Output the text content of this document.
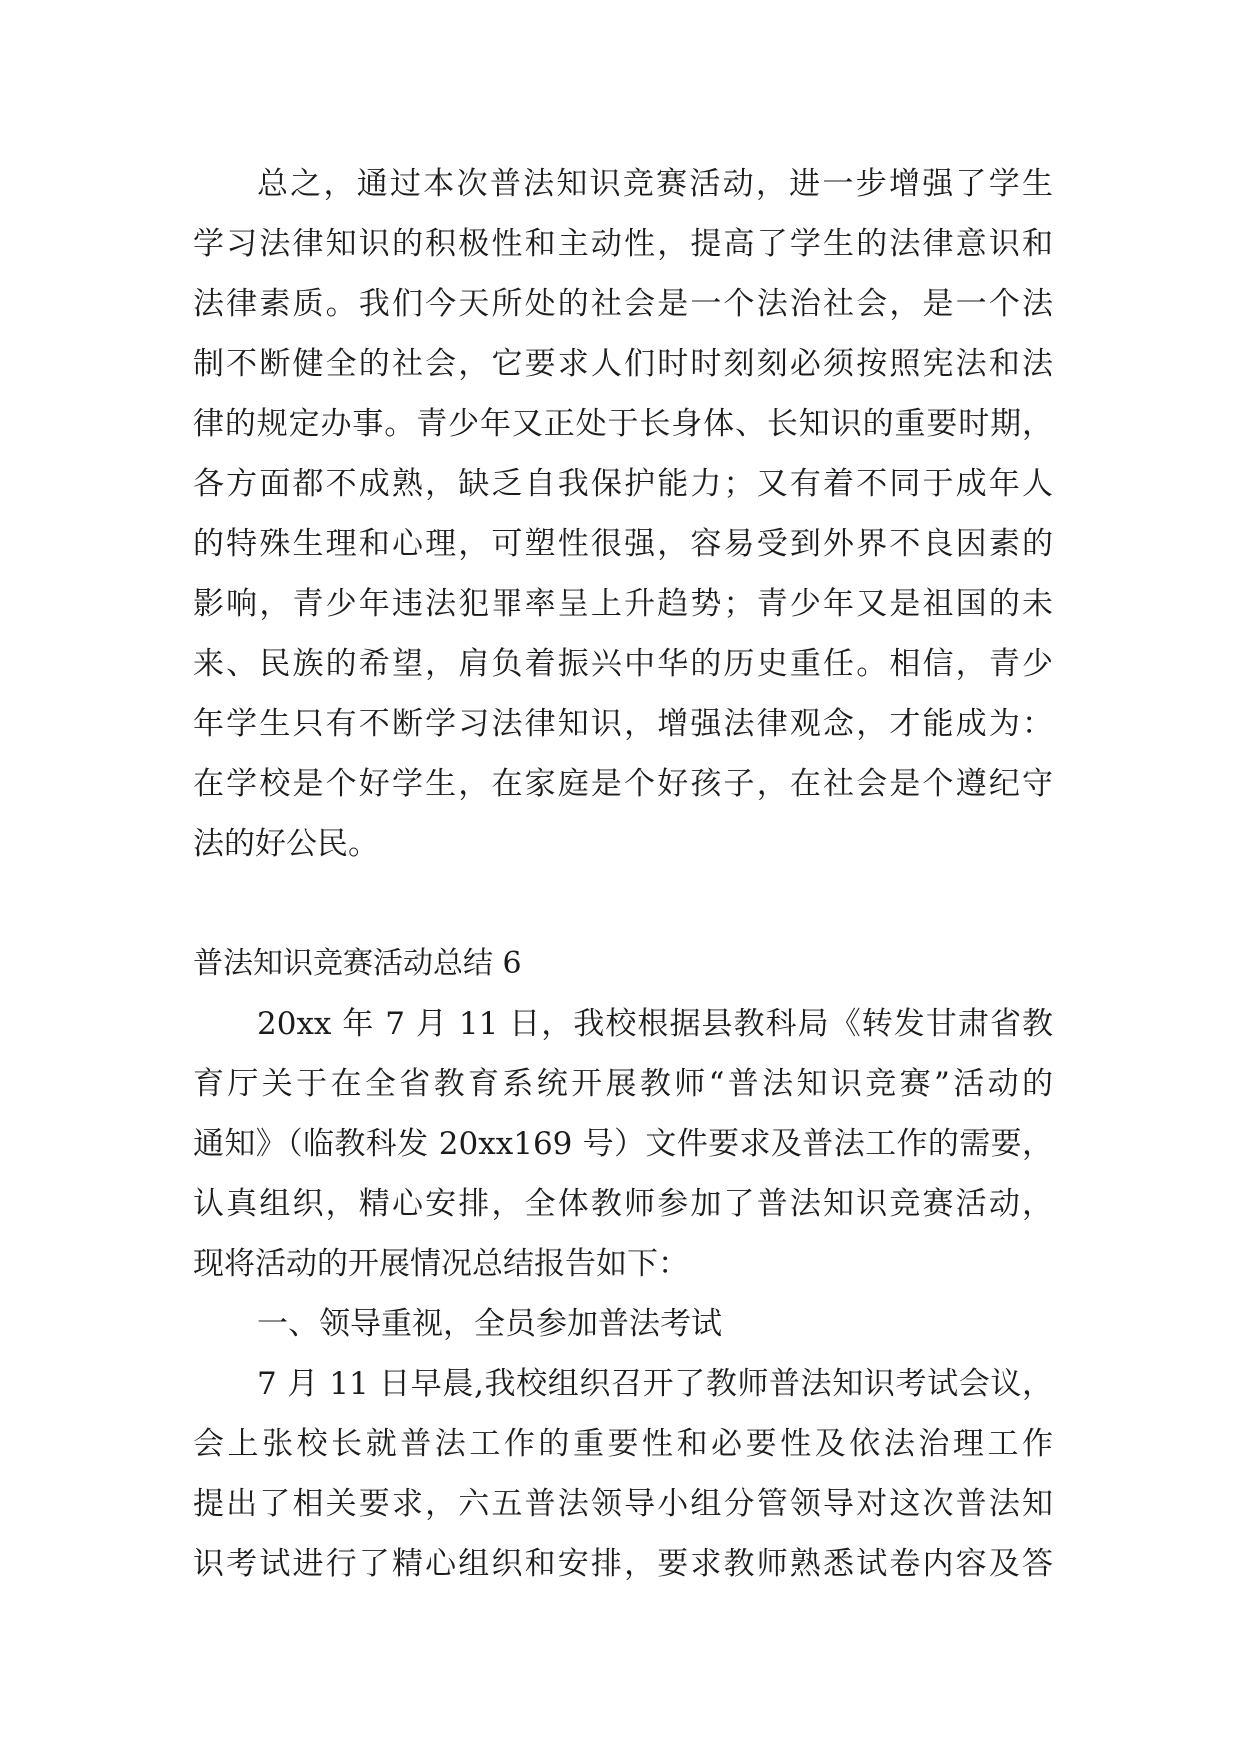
总之，通过本次普法知识竞赛活动，进一步增强了学生
学习法律知识的积极性和主动性，提高了学生的法律意识和
法律素质。我们今天所处的社会是一个法治社会，是一个法
制不断健全的社会，它要求人们时时刻刻必须按照宪法和法
律的规定办事。青少年又正处于长身体、长知识的重要时期，
各方面都不成熟，缺乏自我保护能力；又有着不同于成年人
的特殊生理和心理，可塑性很强，容易受到外界不良因素的
影响，青少年违法犯罪率呈上升趋势；青少年又是祖国的未
来、民族的希望，肩负着振兴中华的历史重任。相信，青少
年学生只有不断学习法律知识，增强法律观念，才能成为：
在学校是个好学生，在家庭是个好孩子，在社会是个遵纪守
法的好公民。
普法知识竞赛活动总结 6
20xx 年 7 月 11 日，我校根据县教科局《转发甘肃省教
育厅关于在全省教育系统开展教师“普法知识竞赛”活动的
通知》（临教科发 20xx169 号）文件要求及普法工作的需要，
认真组织，精心安排，全体教师参加了普法知识竞赛活动，
现将活动的开展情况总结报告如下：
一、领导重视，全员参加普法考试
7 月 11 日早晨,我校组织召开了教师普法知识考试会议，
会上张校长就普法工作的重要性和必要性及依法治理工作
提出了相关要求，六五普法领导小组分管领导对这次普法知
识考试进行了精心组织和安排，要求教师熟悉试卷内容及答
